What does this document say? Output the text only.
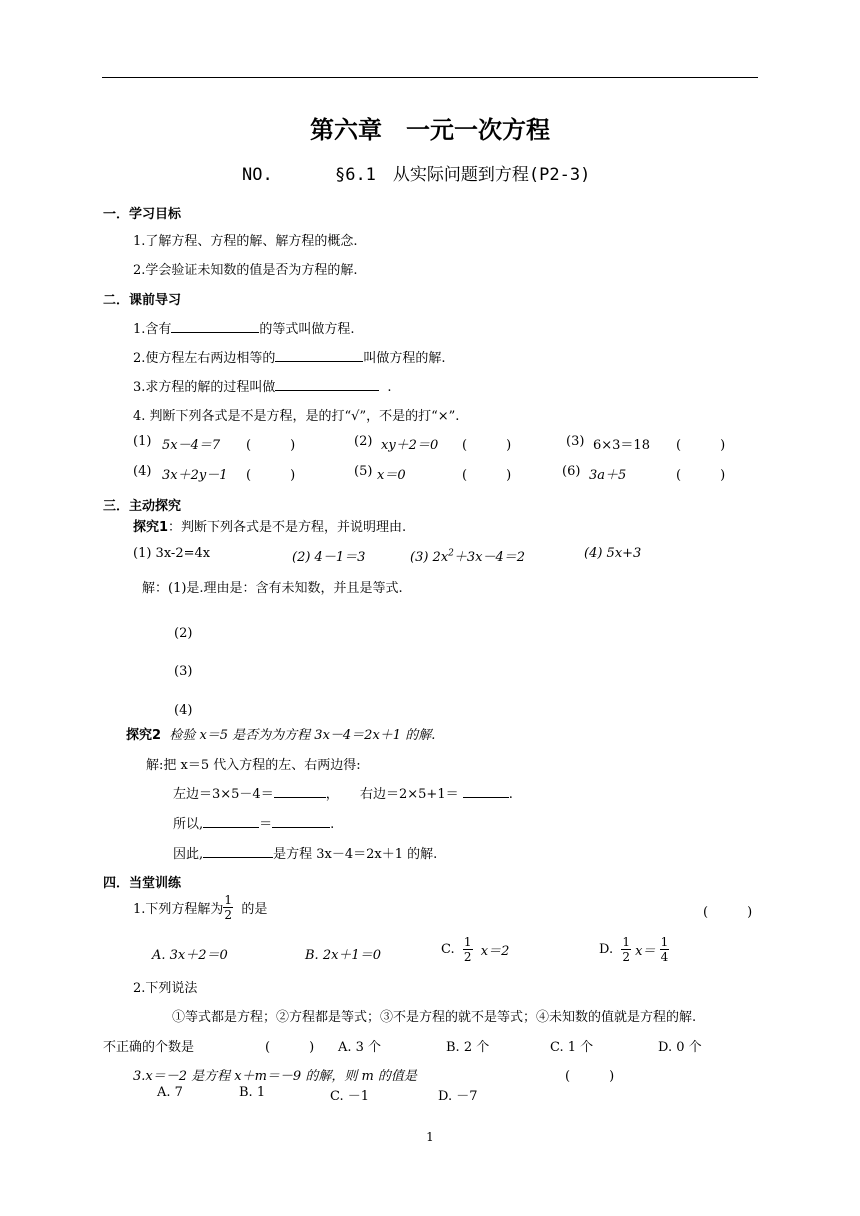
第六章　一元一次方程
NO.	§6.1　从实际问题到方程(P2-3)
一．学习目标
1.了解方程、方程的解、解方程的概念.
2.学会验证未知数的值是否为方程的解.
二．课前导习
1.含有	的等式叫做方程.
2.使方程左右两边相等的	叫做方程的解.
3.求方程的解的过程叫做	.
4. 判断下列各式是不是方程，是的打“√”，不是的打“×”.
(1) 5x－4＝7 (　　　)	(2) xy＋2＝0 (　　　)	(3) 6×3＝18 (　　　)
(4) 3x＋2y－1 (　　　)	(5) x＝0	(　　　)	(6) 3a＋5	(　　　)
三．主动探究
探究1：判断下列各式是不是方程，并说明理由.
(1) 3x-2=4x	(2) 4－1＝3	(3) $2x^2+3x-4=2$	(4) 5x+3
解：(1)是.理由是：含有未知数，并且是等式.
(2)
(3)
(4)
探究2 检验 x＝5 是否为为方程 3x－4＝2x＋1 的解.
解:把 x＝5 代入方程的左、右两边得:
左边＝3×5－4＝	， 右边＝2×5+1＝	.
所以,	＝	.
因此,	是方程 3x－4＝2x＋1 的解.
四．当堂训练
1.下列方程解为 $\frac{1}{2}$ 的是	(　　　)
A. 3x＋2＝0	B. 2x＋1＝0	C. $\frac{1}{2} x=2$	D. $\frac{1}{2} x= \frac{1}{4}$
2.下列说法
①等式都是方程；②方程都是等式；③不是方程的就不是等式；④未知数的值就是方程的解.
不正确的个数是	(　　　) A. 3 个	B. 2 个	C. 1 个	D. 0 个
3.x＝－2 是方程 x＋m＝－9 的解，则 m 的值是	(　　　)
A. 7	B. 1	C. －1	D. －7
1
